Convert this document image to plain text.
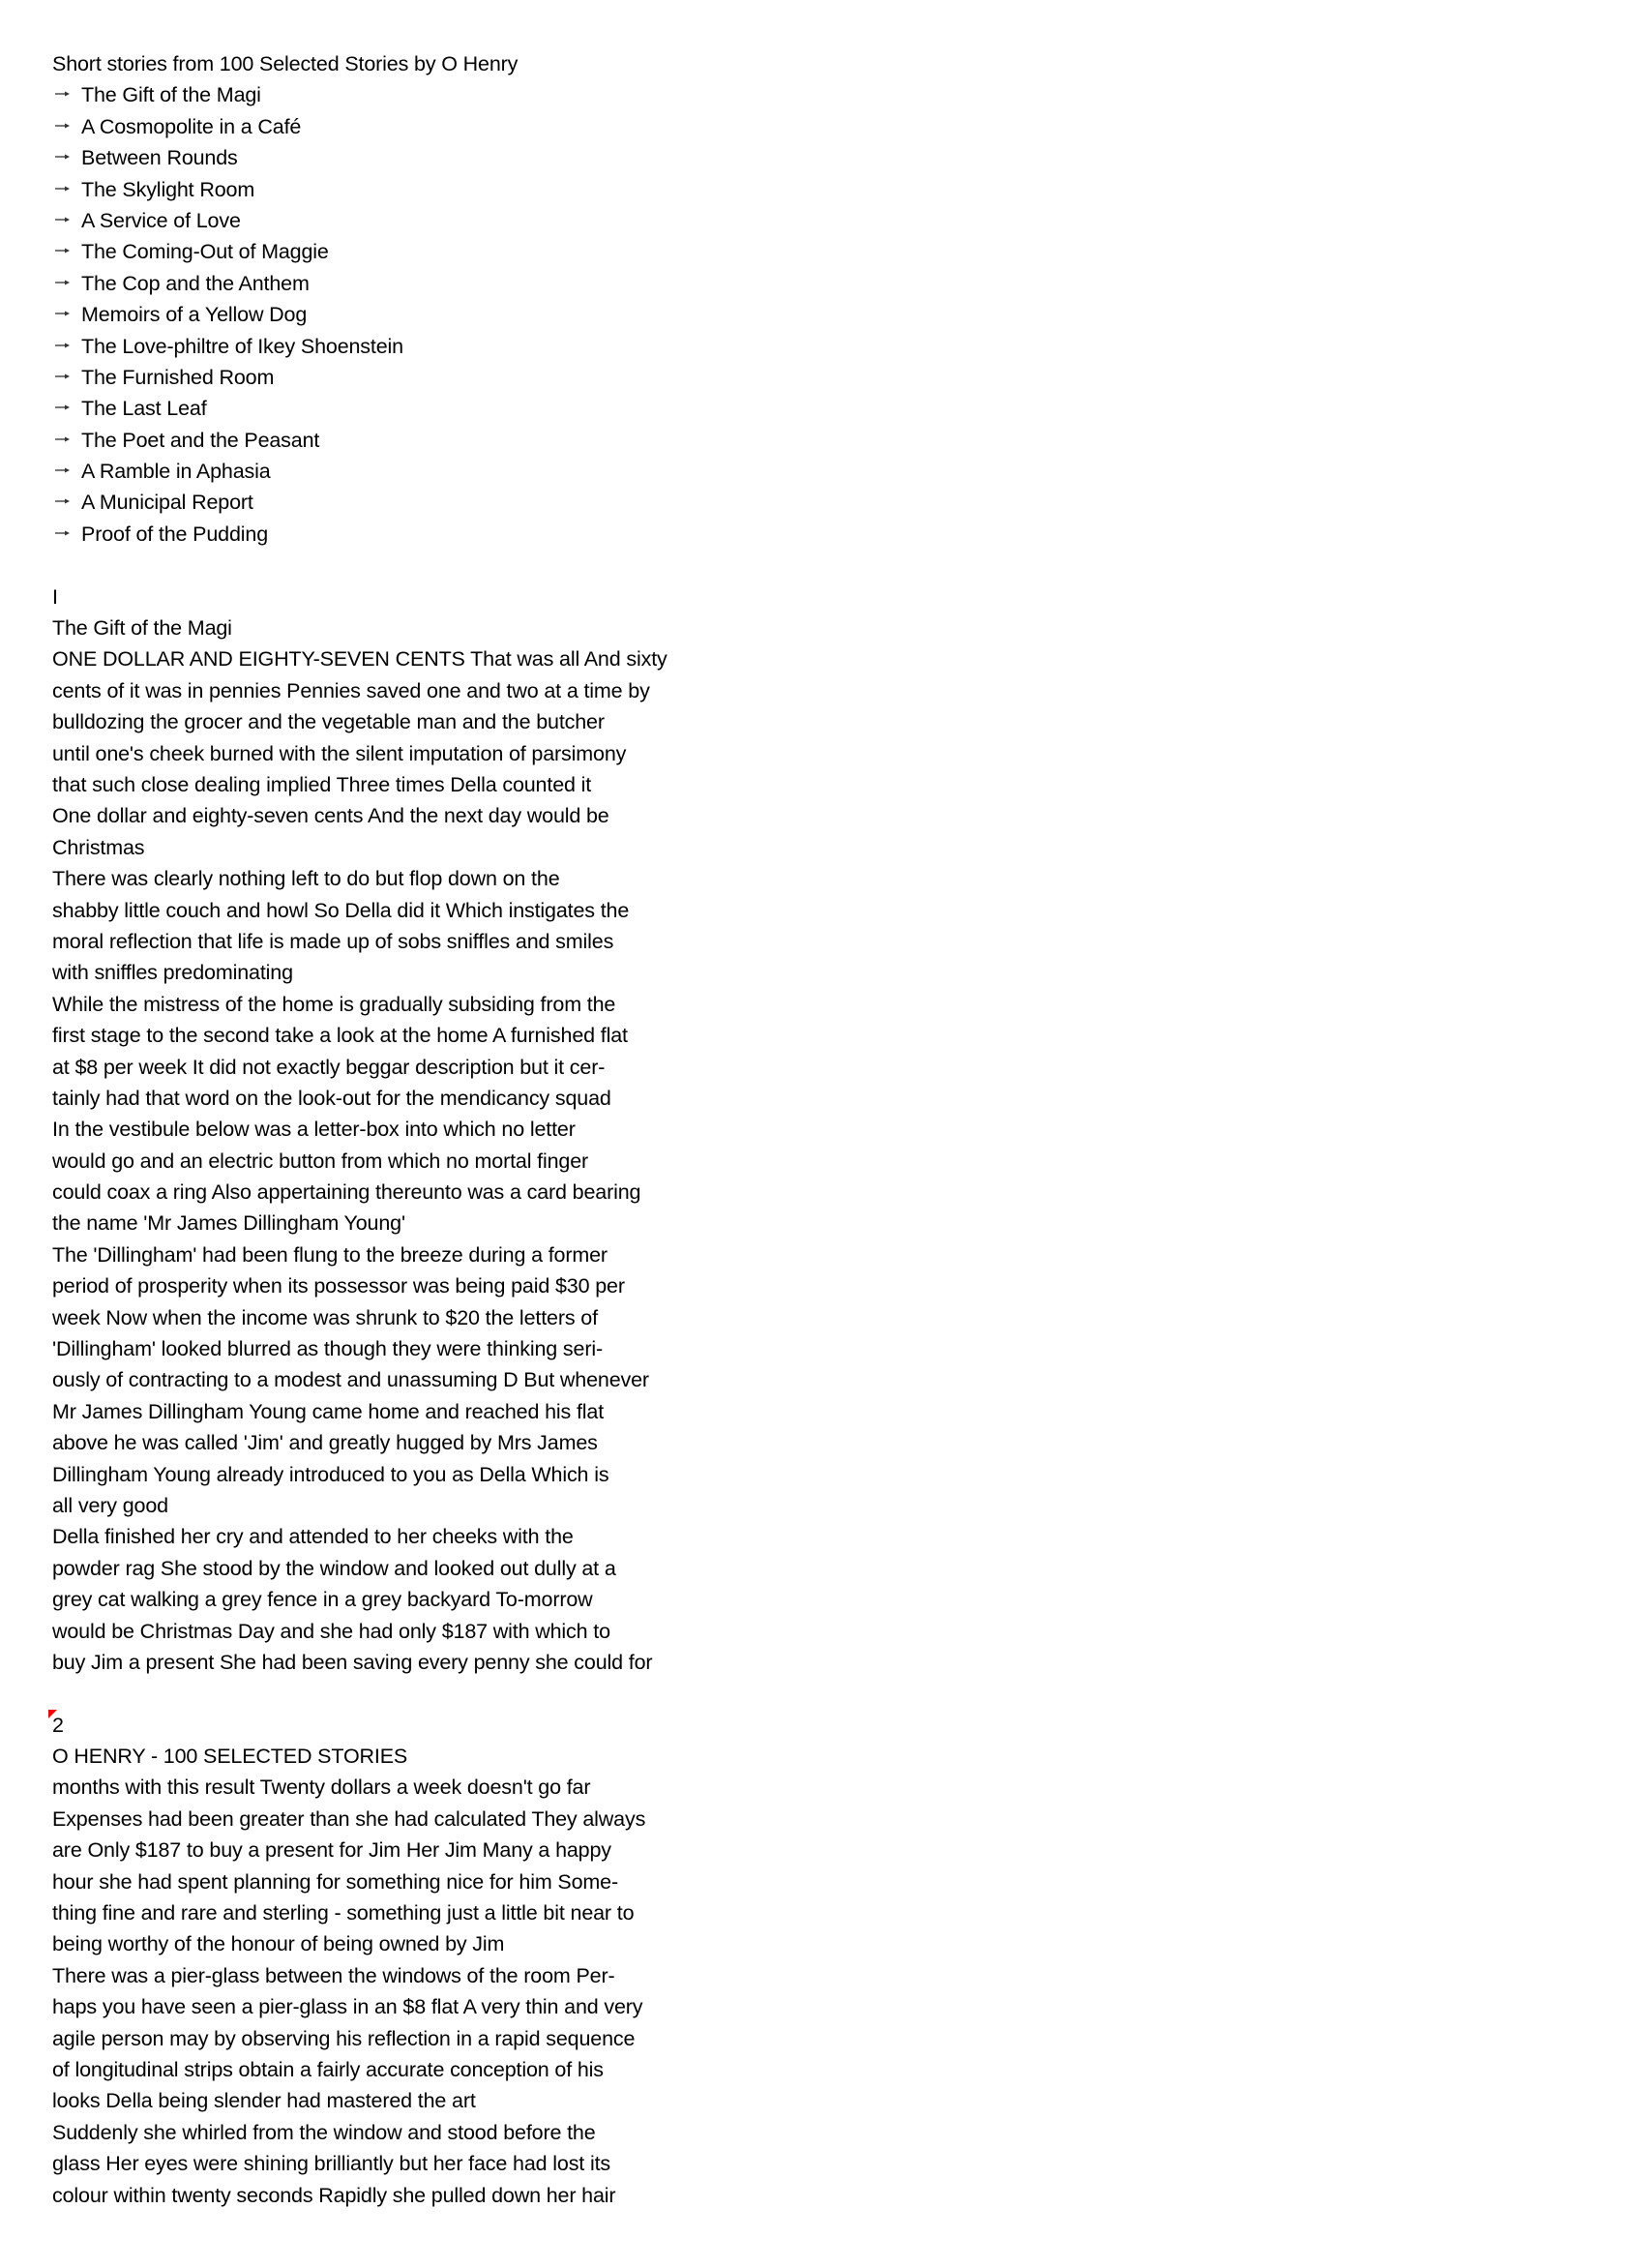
Short stories from 100 Selected Stories by O Henry
The Gift of the Magi
A Cosmopolite in a Café
Between Rounds
The Skylight Room
A Service of Love
The Coming-Out of Maggie
The Cop and the Anthem
Memoirs of a Yellow Dog
The Love-philtre of Ikey Shoenstein
The Furnished Room
The Last Leaf
The Poet and the Peasant
A Ramble in Aphasia
A Municipal Report
Proof of the Pudding
I
The Gift of the Magi
ONE DOLLAR AND EIGHTY-SEVEN CENTS That was all And sixty
cents of it was in pennies Pennies saved one and two at a time by
bulldozing the grocer and the vegetable man and the butcher
until one's cheek burned with the silent imputation of parsimony
that such close dealing implied Three times Della counted it
One dollar and eighty-seven cents And the next day would be
Christmas
There was clearly nothing left to do but flop down on the
shabby little couch and howl So Della did it Which instigates the
moral reflection that life is made up of sobs sniffles and smiles
with sniffles predominating
While the mistress of the home is gradually subsiding from the
first stage to the second take a look at the home A furnished flat
at $8 per week It did not exactly beggar description but it cer-
tainly had that word on the look-out for the mendicancy squad
In the vestibule below was a letter-box into which no letter
would go and an electric button from which no mortal finger
could coax a ring Also appertaining thereunto was a card bearing
the name 'Mr James Dillingham Young'
The 'Dillingham' had been flung to the breeze during a former
period of prosperity when its possessor was being paid $30 per
week Now when the income was shrunk to $20 the letters of
'Dillingham' looked blurred as though they were thinking seri-
ously of contracting to a modest and unassuming D But whenever
Mr James Dillingham Young came home and reached his flat
above he was called 'Jim' and greatly hugged by Mrs James
Dillingham Young already introduced to you as Della Which is
all very good
Della finished her cry and attended to her cheeks with the
powder rag She stood by the window and looked out dully at a
grey cat walking a grey fence in a grey backyard To-morrow
would be Christmas Day and she had only $187 with which to
buy Jim a present She had been saving every penny she could for
2
O HENRY - 100 SELECTED STORIES
months with this result Twenty dollars a week doesn't go far
Expenses had been greater than she had calculated They always
are Only $187 to buy a present for Jim Her Jim Many a happy
hour she had spent planning for something nice for him Some-
thing fine and rare and sterling - something just a little bit near to
being worthy of the honour of being owned by Jim
There was a pier-glass between the windows of the room Per-
haps you have seen a pier-glass in an $8 flat A very thin and very
agile person may by observing his reflection in a rapid sequence
of longitudinal strips obtain a fairly accurate conception of his
looks Della being slender had mastered the art
Suddenly she whirled from the window and stood before the
glass Her eyes were shining brilliantly but her face had lost its
colour within twenty seconds Rapidly she pulled down her hair
